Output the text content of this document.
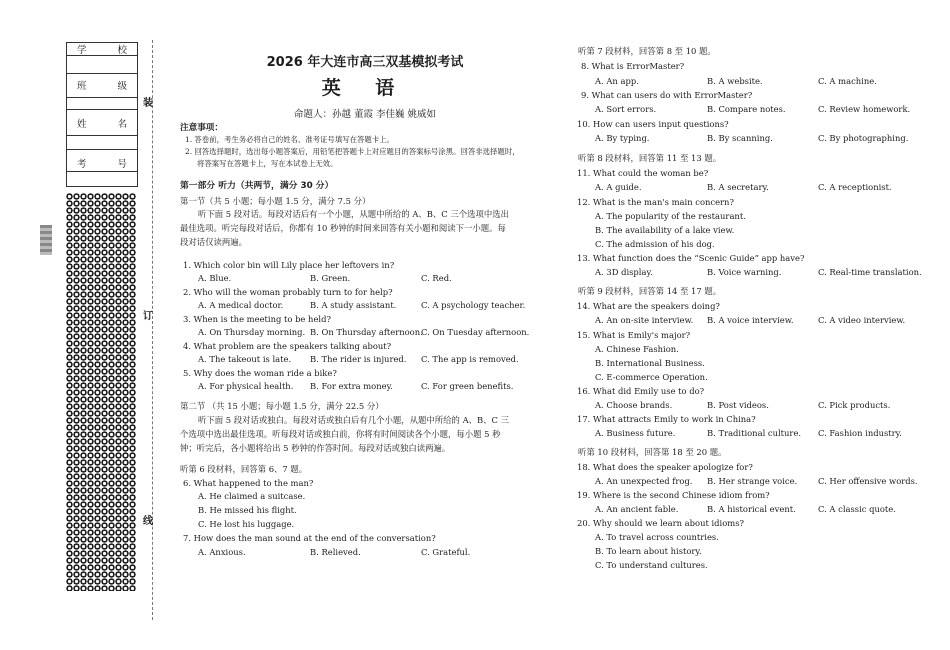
学	校
班	级
姓	名
考	号
装
订
线
2026 年大连市高三双基模拟考试
英 语
命题人：孙越 董霞 李佳巍 姚威如
注意事项：
1. 答卷前，考生务必将自己的姓名、准考证号填写在答题卡上。
2. 回答选择题时，选出每小题答案后，用铅笔把答题卡上对应题目的答案标号涂黑。回答非选择题时，
将答案写在答题卡上，写在本试卷上无效。
第一部分 听力（共两节，满分 30 分）
第一节（共 5 小题；每小题 1.5 分，满分 7.5 分）
听下面 5 段对话。每段对话后有一个小题，从题中所给的 A、B、C 三个选项中选出
最佳选项。听完每段对话后，你都有 10 秒钟的时间来回答有关小题和阅读下一小题。每
段对话仅读两遍。
1. Which color bin will Lily place her leftovers in?
A. Blue.	B. Green.	C. Red.
2. Who will the woman probably turn to for help?
A. A medical doctor.	B. A study assistant.	C. A psychology teacher.
3. When is the meeting to be held?
A. On Thursday morning. B. On Thursday afternoon.
C. On Tuesday afternoon.
4. What problem are the speakers talking about?
A. The takeout is late. B. The rider is injured. C. The app is removed.
5. Why does the woman ride a bike?
A. For physical health. B. For extra money.	C. For green benefits.
第二节 （共 15 小题；每小题 1.5 分，满分 22.5 分）
听下面 5 段对话或独白。每段对话或独白后有几个小题，从题中所给的 A、B、C 三
个选项中选出最佳选项。听每段对话或独白前，你将有时间阅读各个小题，每小题 5 秒
钟；听完后，各小题将给出 5 秒钟的作答时间。每段对话或独白读两遍。
听第 6 段材料，回答第 6、7 题。
6. What happened to the man?
A. He claimed a suitcase.
B. He missed his flight.
C. He lost his luggage.
7. How does the man sound at the end of the conversation?
A. Anxious.	B. Relieved.	C. Grateful.
听第 7 段材料，回答第 8 至 10 题。
8. What is ErrorMaster?
A. An app.	B. A website.	C. A machine.
9. What can users do with ErrorMaster?
A. Sort errors.	B. Compare notes.	C. Review homework.
10. How can users input questions?
A. By typing.	B. By scanning.	C. By photographing.
听第 8 段材料，回答第 11 至 13 题。
11. What could the woman be?
A. A guide.	B. A secretary.	C. A receptionist.
12. What is the man's main concern?
A. The popularity of the restaurant.
B. The availability of a lake view.
C. The admission of his dog.
13. What function does the “Scenic Guide” app have?
A. 3D display.	B. Voice warning.	C. Real-time translation.
听第 9 段材料，回答第 14 至 17 题。
14. What are the speakers doing?
A. An on-site interview. B. A voice interview.	C. A video interview.
15. What is Emily's major?
A. Chinese Fashion.
B. International Business.
C. E-commerce Operation.
16. What did Emily use to do?
A. Choose brands.	B. Post videos.	C. Pick products.
17. What attracts Emily to work in China?
A. Business future.	B. Traditional culture. C. Fashion industry.
听第 10 段材料，回答第 18 至 20 题。
18. What does the speaker apologize for?
A. An unexpected frog. B. Her strange voice. C. Her offensive words.
19. Where is the second Chinese idiom from?
A. An ancient fable.	B. A historical event.	C. A classic quote.
20. Why should we learn about idioms?
A. To travel across countries.
B. To learn about history.
C. To understand cultures.
